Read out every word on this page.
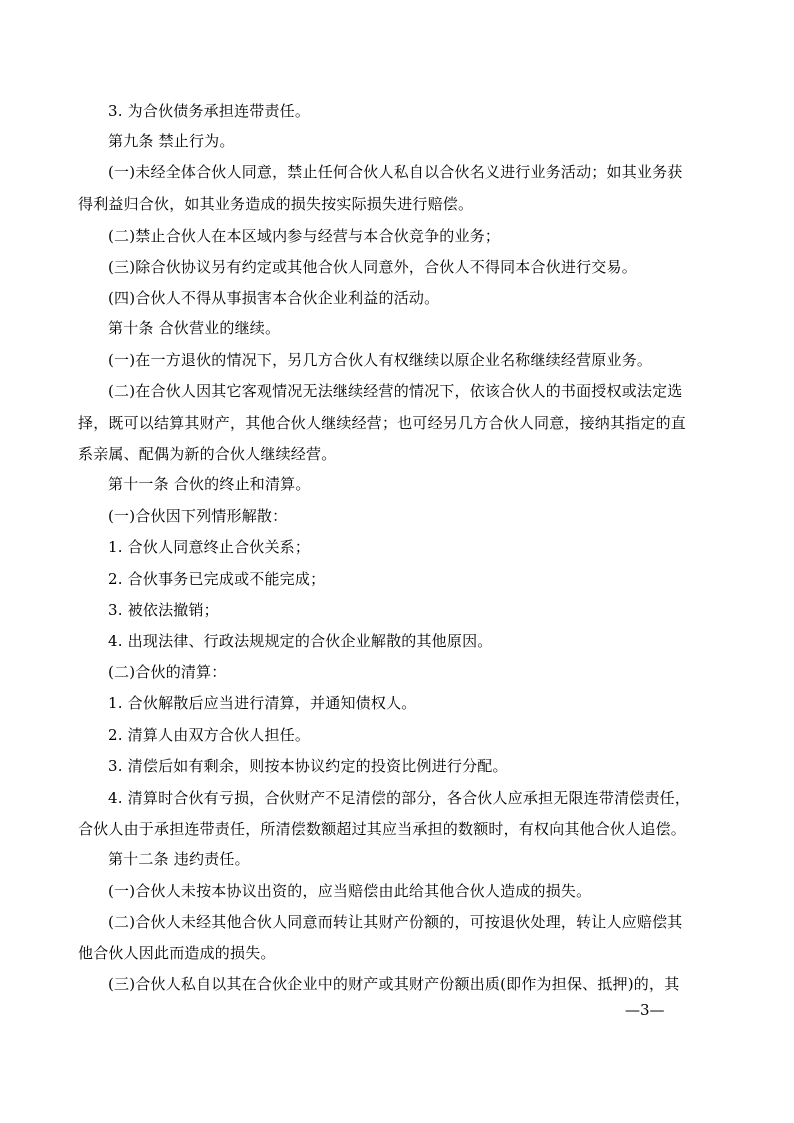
3. 为合伙债务承担连带责任。
第九条 禁止行为。
(一)未经全体合伙人同意，禁止任何合伙人私自以合伙名义进行业务活动；如其业务获
得利益归合伙，如其业务造成的损失按实际损失进行赔偿。
(二)禁止合伙人在本区域内参与经营与本合伙竞争的业务；
(三)除合伙协议另有约定或其他合伙人同意外，合伙人不得同本合伙进行交易。
(四)合伙人不得从事损害本合伙企业利益的活动。
第十条 合伙营业的继续。
(一)在一方退伙的情况下，另几方合伙人有权继续以原企业名称继续经营原业务。
(二)在合伙人因其它客观情况无法继续经营的情况下，依该合伙人的书面授权或法定选
择，既可以结算其财产，其他合伙人继续经营；也可经另几方合伙人同意，接纳其指定的直
系亲属、配偶为新的合伙人继续经营。
第十一条 合伙的终止和清算。
(一)合伙因下列情形解散：
1. 合伙人同意终止合伙关系；
2. 合伙事务已完成或不能完成；
3. 被依法撤销；
4. 出现法律、行政法规规定的合伙企业解散的其他原因。
(二)合伙的清算：
1. 合伙解散后应当进行清算，并通知债权人。
2. 清算人由双方合伙人担任。
3. 清偿后如有剩余，则按本协议约定的投资比例进行分配。
4. 清算时合伙有亏损，合伙财产不足清偿的部分，各合伙人应承担无限连带清偿责任，
合伙人由于承担连带责任，所清偿数额超过其应当承担的数额时，有权向其他合伙人追偿。
第十二条 违约责任。
(一)合伙人未按本协议出资的，应当赔偿由此给其他合伙人造成的损失。
(二)合伙人未经其他合伙人同意而转让其财产份额的，可按退伙处理，转让人应赔偿其
他合伙人因此而造成的损失。
(三)合伙人私自以其在合伙企业中的财产或其财产份额出质(即作为担保、抵押)的，其
—3—
